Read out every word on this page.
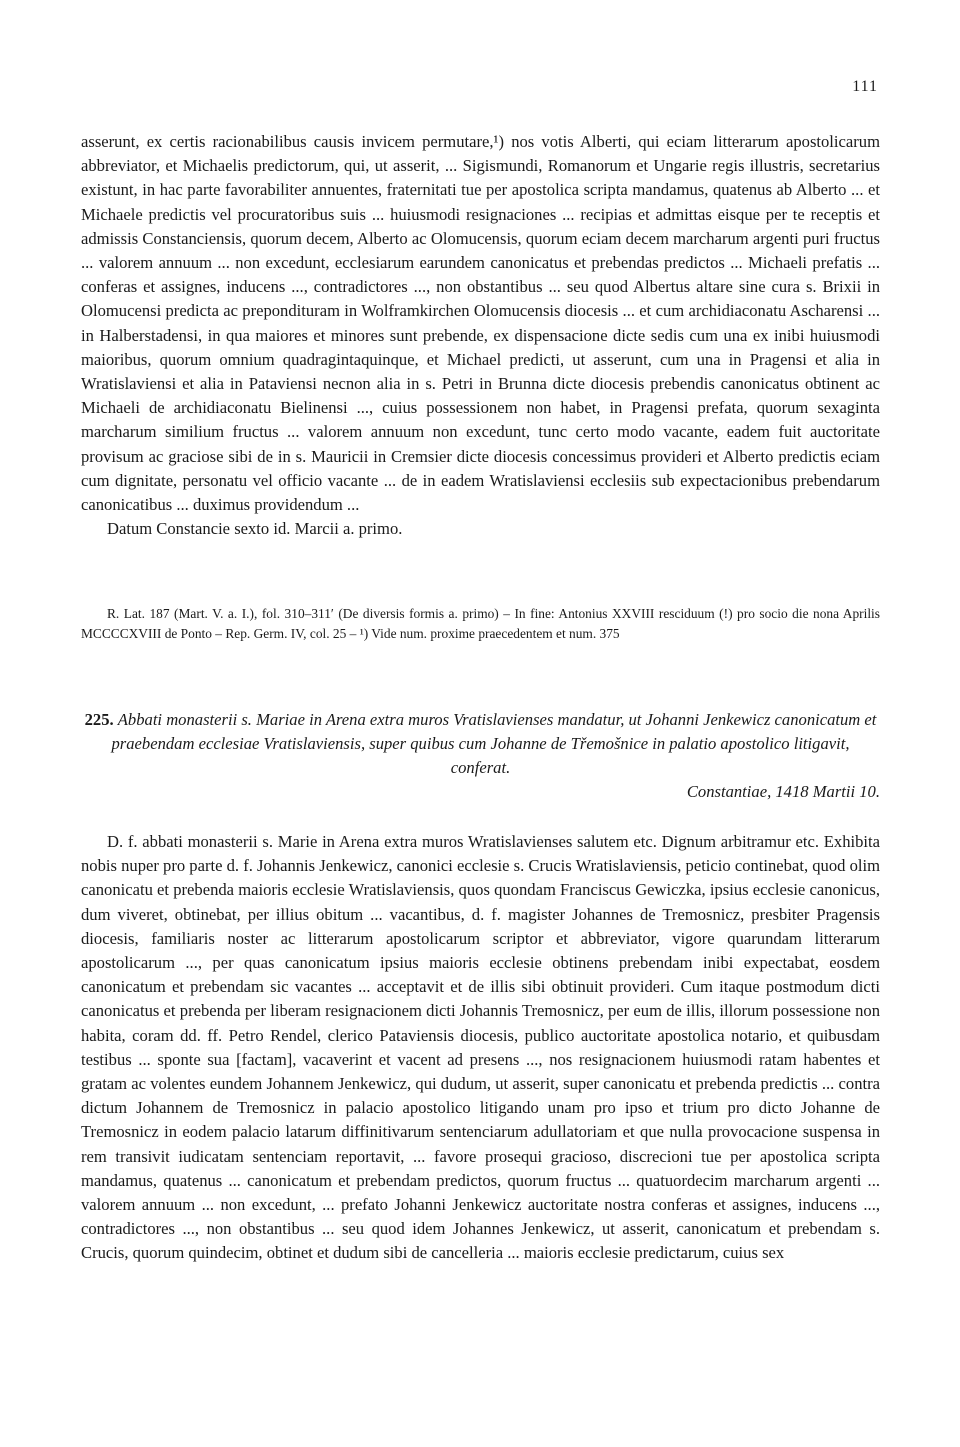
111

asserunt, ex certis racionabilibus causis invicem permutare,¹) nos votis Alberti, qui eciam litterarum apostolicarum abbreviator, et Michaelis predictorum, qui, ut asserit, ... Sigismundi, Romanorum et Ungarie regis illustris, secretarius existunt, in hac parte favorabiliter annuentes, fraternitati tue per apostolica scripta mandamus, quatenus ab Alberto ... et Michaele predictis vel procuratoribus suis ... huiusmodi resignaciones ... recipias et admittas eisque per te receptis et admissis Constanciensis, quorum decem, Alberto ac Olomucensis, quorum eciam decem marcharum argenti puri fructus ... valorem annuum ... non excedunt, ecclesiarum earundem canonicatus et prebendas predictos ... Michaeli prefatis ... conferas et assignes, inducens ..., contradictores ..., non obstantibus ... seu quod Albertus altare sine cura s. Brixii in Olomucensi predicta ac prepondituram in Wolframkirchen Olomucensis diocesis ... et cum archidiaconatu Ascharensi ... in Halberstadensi, in qua maiores et minores sunt prebende, ex dispensacione dicte sedis cum una ex inibi huiusmodi maioribus, quorum omnium quadragintaquinque, et Michael predicti, ut asserunt, cum una in Pragensi et alia in Wratislaviensi et alia in Pataviensi necnon alia in s. Petri in Brunna dicte diocesis prebendis canonicatus obtinent ac Michaeli de archidiaconatu Bielinensi ..., cuius possessionem non habet, in Pragensi prefata, quorum sexaginta marcharum similium fructus ... valorem annuum non excedunt, tunc certo modo vacante, eadem fuit auctoritate provisum ac graciose sibi de in s. Mauricii in Cremsier dicte diocesis concessimus provideri et Alberto predictis eciam cum dignitate, personatu vel officio vacante ... de in eadem Wratislaviensi ecclesiis sub expectacionibus prebendarum canonicatibus ... duximus providendum ...

Datum Constancie sexto id. Marcii a. primo.

R. Lat. 187 (Mart. V. a. I.), fol. 310–311′ (De diversis formis a. primo) – In fine: Antonius XXVIII resciduum (!) pro socio die nona Aprilis MCCCCXVIII de Ponto – Rep. Germ. IV, col. 25 – ¹) Vide num. proxime praecedentem et num. 375

225. Abbati monasterii s. Mariae in Arena extra muros Vratislavienses mandatur, ut Johanni Jenkewicz canonicatum et praebendam ecclesiae Vratislaviensis, super quibus cum Johanne de Třemošnice in palatio apostolico litigavit, conferat.
Constantiae, 1418 Martii 10.

D. f. abbati monasterii s. Marie in Arena extra muros Wratislavienses salutem etc. Dignum arbitramur etc. Exhibita nobis nuper pro parte d. f. Johannis Jenkewicz, canonici ecclesie s. Crucis Wratislaviensis, peticio continebat, quod olim canonicatu et prebenda maioris ecclesie Wratislaviensis, quos quondam Franciscus Gewiczka, ipsius ecclesie canonicus, dum viveret, obtinebat, per illius obitum ... vacantibus, d. f. magister Johannes de Tremosnicz, presbiter Pragensis diocesis, familiaris noster ac litterarum apostolicarum scriptor et abbreviator, vigore quarundam litterarum apostolicarum ..., per quas canonicatum ipsius maioris ecclesie obtinens prebendam inibi expectabat, eosdem canonicatum et prebendam sic vacantes ... acceptavit et de illis sibi obtinuit provideri. Cum itaque postmodum dicti canonicatus et prebenda per liberam resignacionem dicti Johannis Tremosnicz, per eum de illis, illorum possessione non habita, coram dd. ff. Petro Rendel, clerico Pataviensis diocesis, publico auctoritate apostolica notario, et quibusdam testibus ... sponte sua [factam], vacaverint et vacent ad presens ..., nos resignacionem huiusmodi ratam habentes et gratam ac volentes eundem Johannem Jenkewicz, qui dudum, ut asserit, super canonicatu et prebenda predictis ... contra dictum Johannem de Tremosnicz in palacio apostolico litigando unam pro ipso et trium pro dicto Johanne de Tremosnicz in eodem palacio latarum diffinitivarum sentenciarum adullatoriam et que nulla provocacione suspensa in rem transivit iudicatam sentenciam reportavit, ... favore prosequi gracioso, discrecioni tue per apostolica scripta mandamus, quatenus ... canonicatum et prebendam predictos, quorum fructus ... quatuordecim marcharum argenti ... valorem annuum ... non excedunt, ... prefato Johanni Jenkewicz auctoritate nostra conferas et assignes, inducens ..., contradictores ..., non obstantibus ... seu quod idem Johannes Jenkewicz, ut asserit, canonicatum et prebendam s. Crucis, quorum quindecim, obtinet et dudum sibi de cancelleria ... maioris ecclesie predictarum, cuius sex
